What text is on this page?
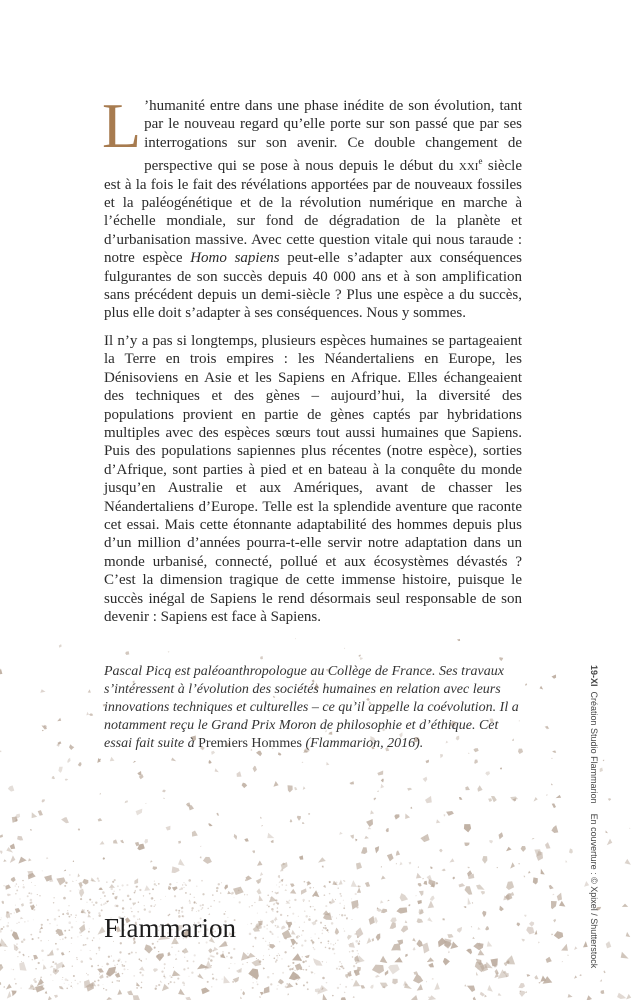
L ’humanité entre dans une phase inédite de son évolution, tant par le nouveau regard qu’elle porte sur son passé que par ses interrogations sur son avenir. Ce double changement de perspective qui se pose à nous depuis le début du xxi$^e$ siècle est à la fois le fait des révélations apportées par de nouveaux fossiles et la paléogénétique et de la révolution numérique en marche à l’échelle mondiale, sur fond de dégradation de la planète et d’urbanisation massive. Avec cette question vitale qui nous taraude : notre espèce Homo sapiens peut-elle s’adapter aux conséquences fulgurantes de son succès depuis 40 000 ans et à son amplification sans précédent depuis un demi-siècle ? Plus une espèce a du succès, plus elle doit s’adapter à ses conséquences. Nous y sommes.

Il n’y a pas si longtemps, plusieurs espèces humaines se partageaient la Terre en trois empires : les Néandertaliens en Europe, les Dénisoviens en Asie et les Sapiens en Afrique. Elles échangeaient des techniques et des gènes – aujourd’hui, la diversité des populations provient en partie de gènes captés par hybridations multiples avec des espèces sœurs tout aussi humaines que Sapiens. Puis des populations sapiennes plus récentes (notre espèce), sorties d’Afrique, sont parties à pied et en bateau à la conquête du monde jusqu’en Australie et aux Amériques, avant de chasser les Néandertaliens d’Europe. Telle est la splendide aventure que raconte cet essai. Mais cette étonnante adaptabilité des hommes depuis plus d’un million d’années pourra-t-elle servir notre adaptation dans un monde urbanisé, connecté, pollué et aux écosystèmes dévastés ? C’est la dimension tragique de cette immense histoire, puisque le succès inégal de Sapiens le rend désormais seul responsable de son devenir : Sapiens est face à Sapiens.

Pascal Picq est paléoanthropologue au Collège de France. Ses travaux s’intéressent à l’évolution des sociétés humaines en relation avec leurs innovations techniques et culturelles – ce qu’il appelle la coévolution. Il a notamment reçu le Grand Prix Moron de philosophie et d’éthique. Cet essai fait suite à Premiers Hommes (Flammarion, 2016).
Flammarion
19-XI  Création Studio Flammarion    En couverture : © Xpixel / Shutterstock
